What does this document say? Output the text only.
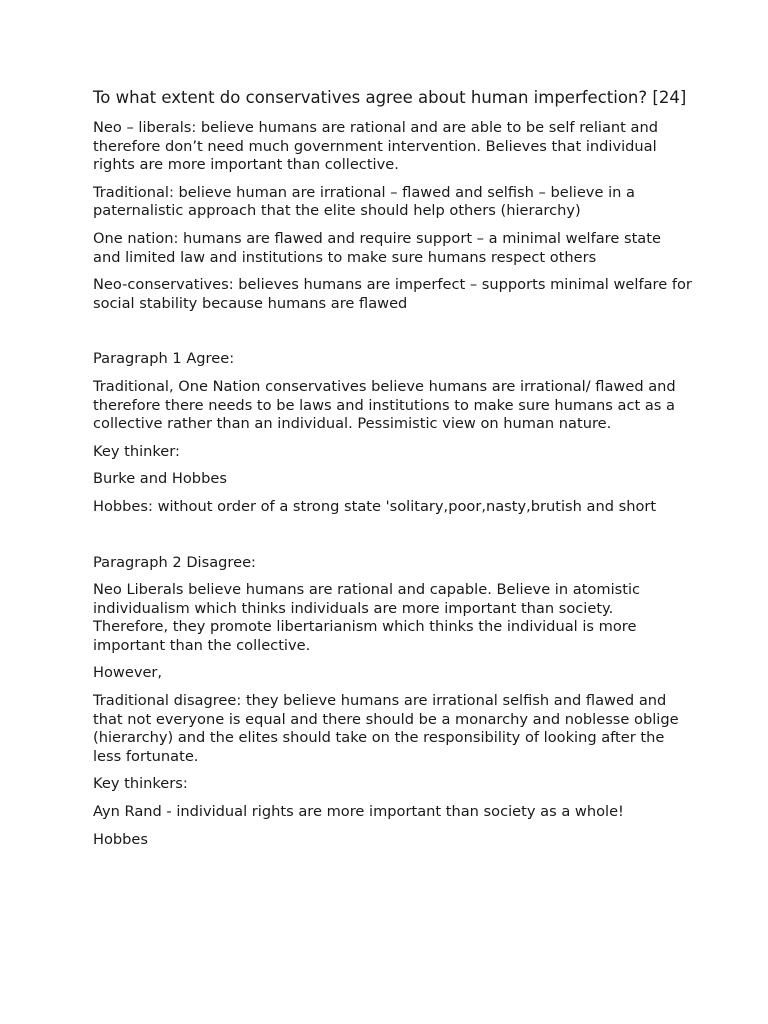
To what extent do conservatives agree about human imperfection? [24]

Neo – liberals: believe humans are rational and are able to be self reliant and therefore don’t need much government intervention. Believes that individual rights are more important than collective.

Traditional: believe human are irrational – flawed and selfish – believe in a paternalistic approach that the elite should help others (hierarchy)

One nation: humans are flawed and require support – a minimal welfare state and limited law and institutions to make sure humans respect others

Neo-conservatives: believes humans are imperfect – supports minimal welfare for social stability because humans are flawed

Paragraph 1 Agree:

Traditional, One Nation conservatives believe humans are irrational/ flawed and therefore there needs to be laws and institutions to make sure humans act as a collective rather than an individual. Pessimistic view on human nature.

Key thinker:

Burke and Hobbes

Hobbes: without order of a strong state 'solitary,poor,nasty,brutish and short

Paragraph 2 Disagree:

Neo Liberals believe humans are rational and capable. Believe in atomistic individualism which thinks individuals are more important than society. Therefore, they promote libertarianism which thinks the individual is more important than the collective.

However,

Traditional disagree: they believe humans are irrational selfish and flawed and that not everyone is equal and there should be a monarchy and noblesse oblige (hierarchy) and the elites should take on the responsibility of looking after the less fortunate.

Key thinkers:

Ayn Rand - individual rights are more important than society as a whole!

Hobbes
